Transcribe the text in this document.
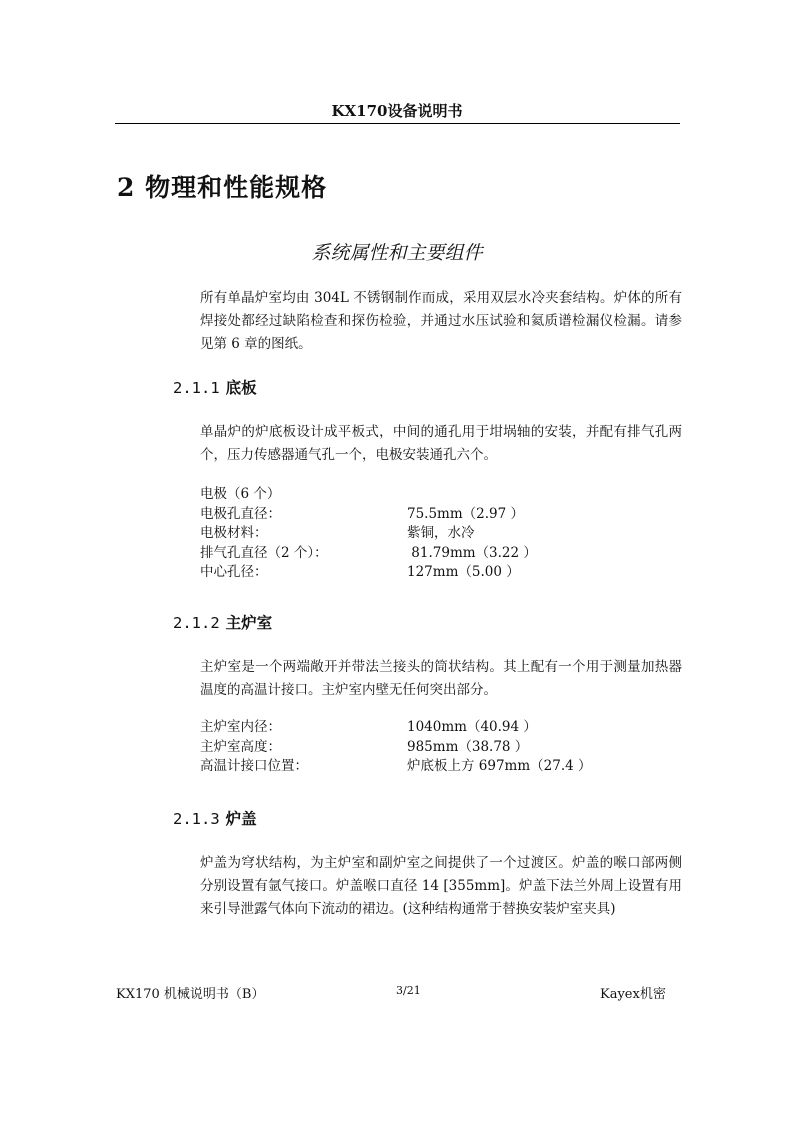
KX170设备说明书
2 物理和性能规格
系统属性和主要组件
所有单晶炉室均由 304L 不锈钢制作而成，采用双层水冷夹套结构。炉体的所有焊接处都经过缺陷检查和探伤检验，并通过水压试验和氦质谱检漏仪检漏。请参见第 6 章的图纸。
2.1.1 底板
单晶炉的炉底板设计成平板式，中间的通孔用于坩埚轴的安装，并配有排气孔两个，压力传感器通气孔一个，电极安装通孔六个。
电极（6 个）
电极孔直径：	75.5mm（2.97 ）
电极材料：	紫铜，水冷
排气孔直径（2 个）：	81.79mm（3.22 ）
中心孔径：	127mm（5.00 ）
2.1.2 主炉室
主炉室是一个两端敞开并带法兰接头的筒状结构。其上配有一个用于测量加热器温度的高温计接口。主炉室内壁无任何突出部分。
主炉室内径：	1040mm（40.94 ）
主炉室高度：	985mm（38.78 ）
高温计接口位置：	炉底板上方 697mm（27.4 ）
2.1.3 炉盖
炉盖为穹状结构，为主炉室和副炉室之间提供了一个过渡区。炉盖的喉口部两侧分别设置有氩气接口。炉盖喉口直径 14 [355mm]。炉盖下法兰外周上设置有用来引导泄露气体向下流动的裙边。(这种结构通常于替换安装炉室夹具)
KX170 机械说明书（B）	3/21	Kayex机密
